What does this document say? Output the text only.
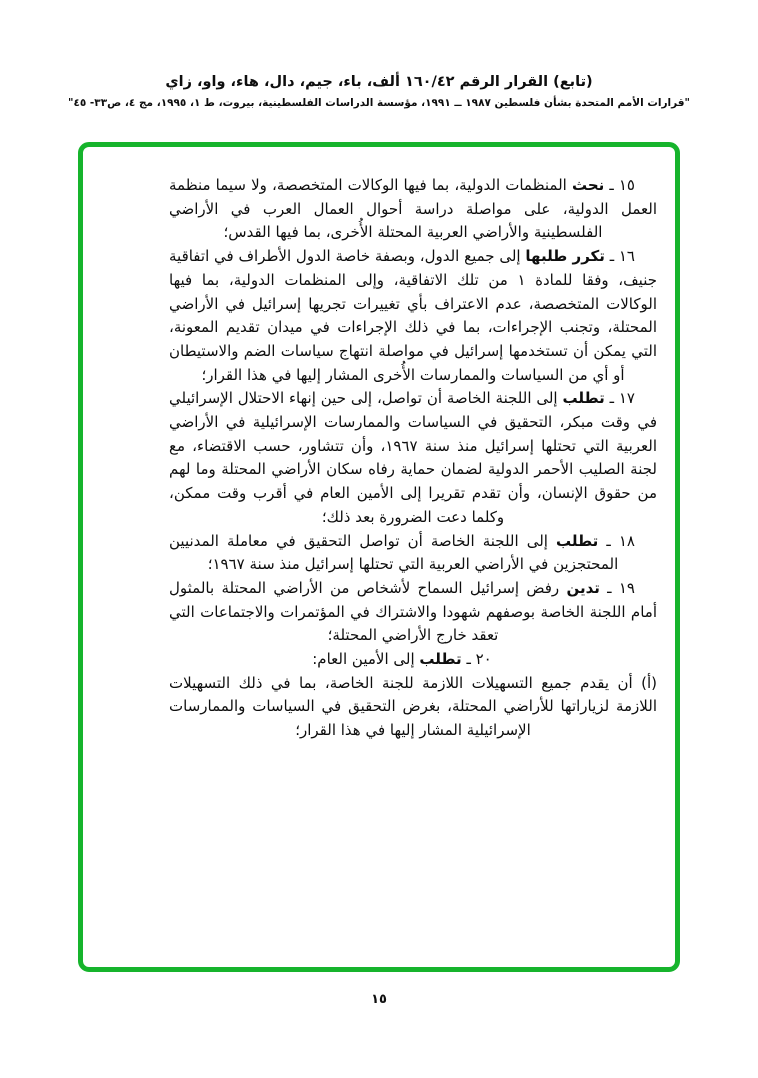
(تابع) القرار الرقم ١٦٠/٤٢ ألف، باء، جيم، دال، هاء، واو، زاي
"قرارات الأمم المتحدة بشأن فلسطين ١٩٨٧ ــ ١٩٩١، مؤسسة الدراسات الفلسطينية، بيروت، ط ١، ١٩٩٥، مج ٤، ص٣٣- ٤٥"

١٥ ـ نحث المنظمات الدولية، بما فيها الوكالات المتخصصة، ولا سيما منظمة العمل الدولية، على مواصلة دراسة أحوال العمال العرب في الأراضي الفلسطينية والأراضي العربية المحتلة الأُخرى، بما فيها القدس؛

١٦ ـ تكرر طلبها إلى جميع الدول، وبصفة خاصة الدول الأطراف في اتفاقية جنيف، وفقا للمادة ١ من تلك الاتفاقية، وإلى المنظمات الدولية، بما فيها الوكالات المتخصصة، عدم الاعتراف بأي تغييرات تجريها إسرائيل في الأراضي المحتلة، وتجنب الإجراءات، بما في ذلك الإجراءات في ميدان تقديم المعونة، التي يمكن أن تستخدمها إسرائيل في مواصلة انتهاج سياسات الضم والاستيطان أو أي من السياسات والممارسات الأُخرى المشار إليها في هذا القرار؛

١٧ ـ تطلب إلى اللجنة الخاصة أن تواصل، إلى حين إنهاء الاحتلال الإسرائيلي في وقت مبكر، التحقيق في السياسات والممارسات الإسرائيلية في الأراضي العربية التي تحتلها إسرائيل منذ سنة ١٩٦٧، وأن تتشاور، حسب الاقتضاء، مع لجنة الصليب الأحمر الدولية لضمان حماية رفاه سكان الأراضي المحتلة وما لهم من حقوق الإنسان، وأن تقدم تقريرا إلى الأمين العام في أقرب وقت ممكن، وكلما دعت الضرورة بعد ذلك؛

١٨ ـ تطلب إلى اللجنة الخاصة أن تواصل التحقيق في معاملة المدنيين المحتجزين في الأراضي العربية التي تحتلها إسرائيل منذ سنة ١٩٦٧؛

١٩ ـ تدين رفض إسرائيل السماح لأشخاص من الأراضي المحتلة بالمثول أمام اللجنة الخاصة بوصفهم شهودا والاشتراك في المؤتمرات والاجتماعات التي تعقد خارج الأراضي المحتلة؛

٢٠ ـ تطلب إلى الأمين العام:

(أ) أن يقدم جميع التسهيلات اللازمة للجنة الخاصة، بما في ذلك التسهيلات اللازمة لزياراتها للأراضي المحتلة، بغرض التحقيق في السياسات والممارسات الإسرائيلية المشار إليها في هذا القرار؛

١٥
